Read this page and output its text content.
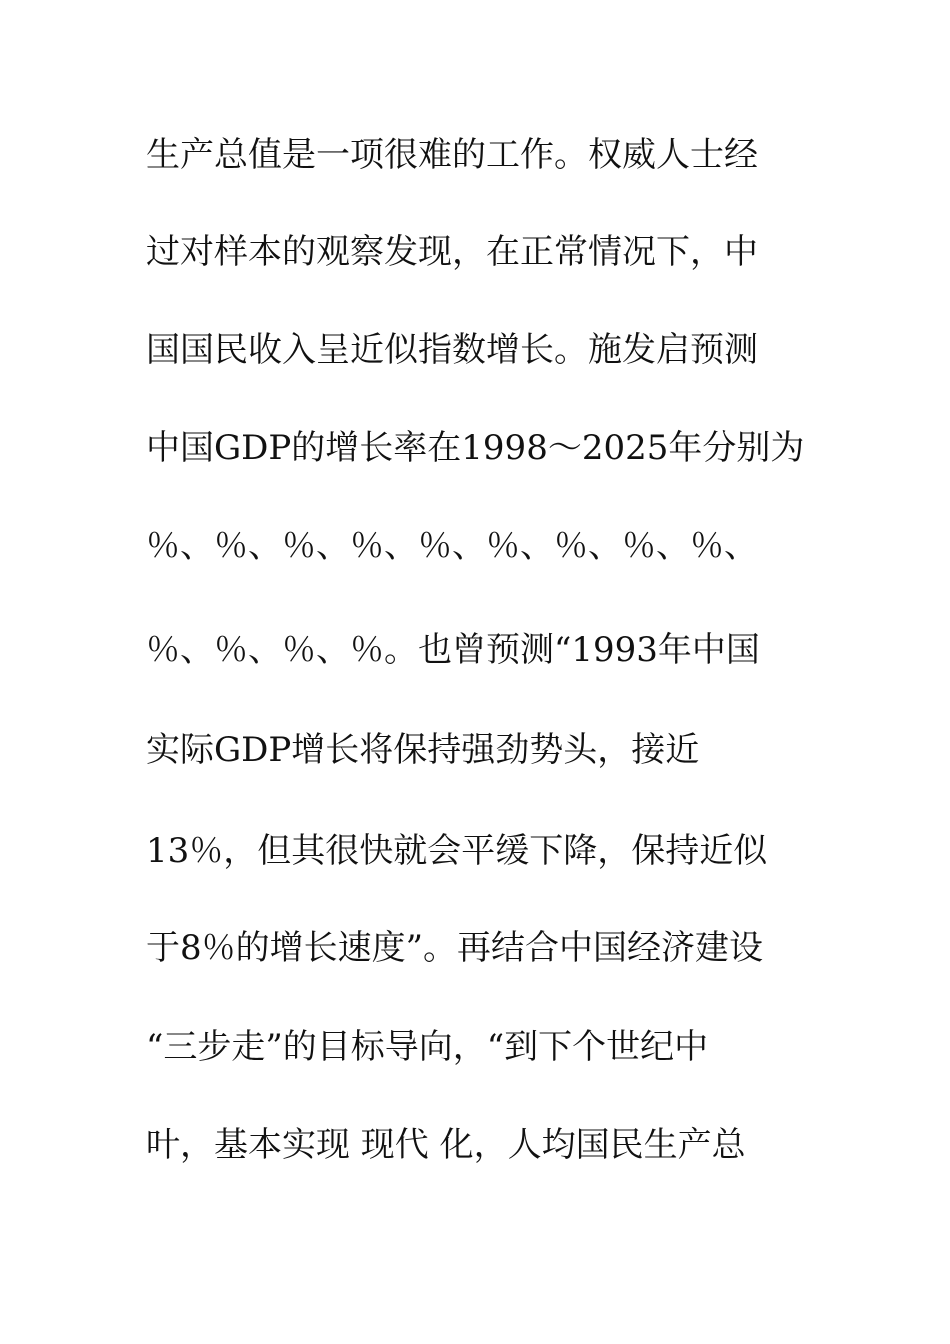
生产总值是一项很难的工作。权威人士经
过对样本的观察发现，在正常情况下，中
国国民收入呈近似指数增长。施发启预测
中国GDP的增长率在1998～2025年分别为
％、％、％、％、％、％、％、％、％、
％、％、％、％。也曾预测“1993年中国
实际GDP增长将保持强劲势头，接近
13％，但其很快就会平缓下降，保持近似
于8％的增长速度”。再结合中国经济建设
“三步走”的目标导向，“到下个世纪中
叶，基本实现 现代 化，人均国民生产总
